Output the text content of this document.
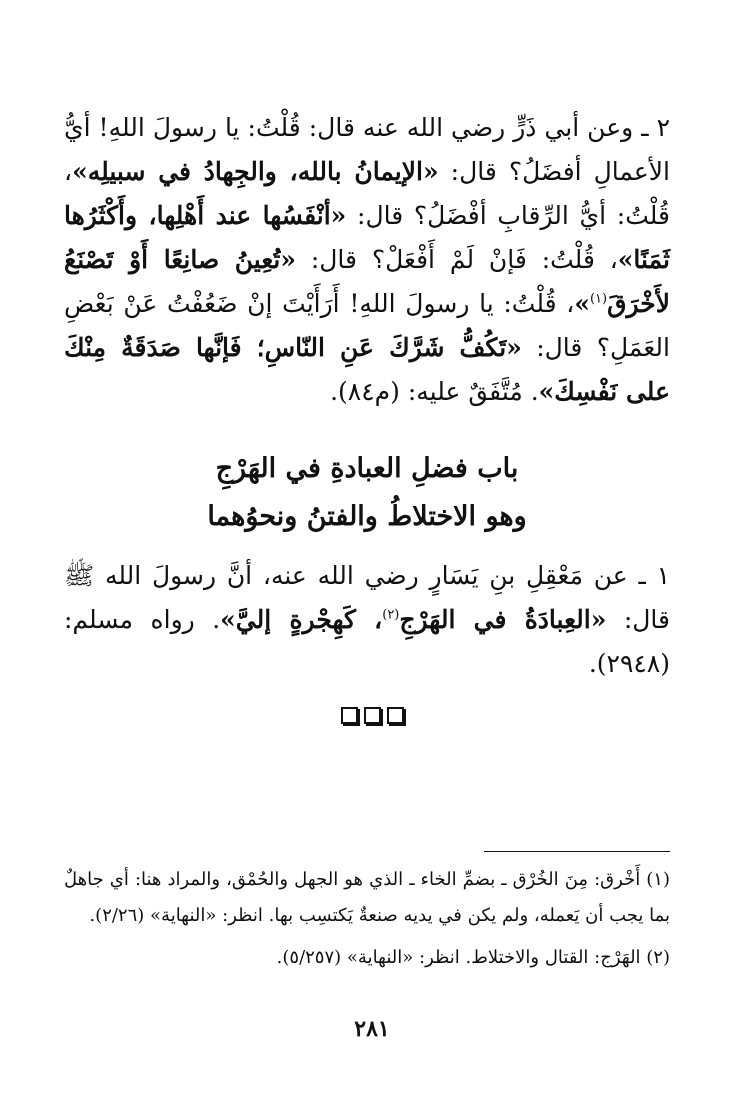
٢ ـ وعن أبي ذَرٍّ رضي الله عنه قال: قُلْتُ: يا رسولَ اللهِ! أيُّ الأعمالِ أفضَلُ؟ قال: «الإيمانُ بالله، والجِهادُ في سبيلِه»، قُلْتُ: أيُّ الرِّقابِ أفْضَلُ؟ قال: «أنْفَسُها عند أَهْلِها، وأَكْثَرُها ثَمَنًا»، قُلْتُ: فَإنْ لَمْ أَفْعَلْ؟ قال: «تُعِينُ صانِعًا أَوْ تَصْنَعُ لأَخْرَقَ$^{(١)}$»، قُلْتُ: يا رسولَ اللهِ! أَرَأَيْتَ إنْ ضَعُفْتُ عَنْ بَعْضِ العَمَلِ؟ قال: «تَكُفُّ شَرَّكَ عَنِ النّاسِ؛ فَإنَّها صَدَقَةٌ مِنْكَ على نَفْسِكَ». مُتَّفَقٌ عليه: (م٨٤).

باب فضلِ العبادةِ في الهَرْجِ
وهو الاختلاطُ والفتنُ ونحوُهما

١ ـ عن مَعْقِلِ بنِ يَسَارٍ رضي الله عنه، أنَّ رسولَ الله ﷺ قال: «العِبادَةُ في الهَرْجِ$^{(٢)}$، كَهِجْرةٍ إليَّ». رواه مسلم: (٢٩٤٨).

(١) أَخْرق: مِنَ الخُرْق ـ بضمِّ الخاء ـ الذي هو الجهل والحُمْق، والمراد هنا: أي جاهلٌ بما يجب أن يَعمله، ولم يكن في يديه صنعةٌ يَكتسِب بها. انظر: «النهاية» (٢/٢٦).

(٢) الهَرْج: القتال والاختلاط. انظر: «النهاية» (٥/٢٥٧).

٢٨١
